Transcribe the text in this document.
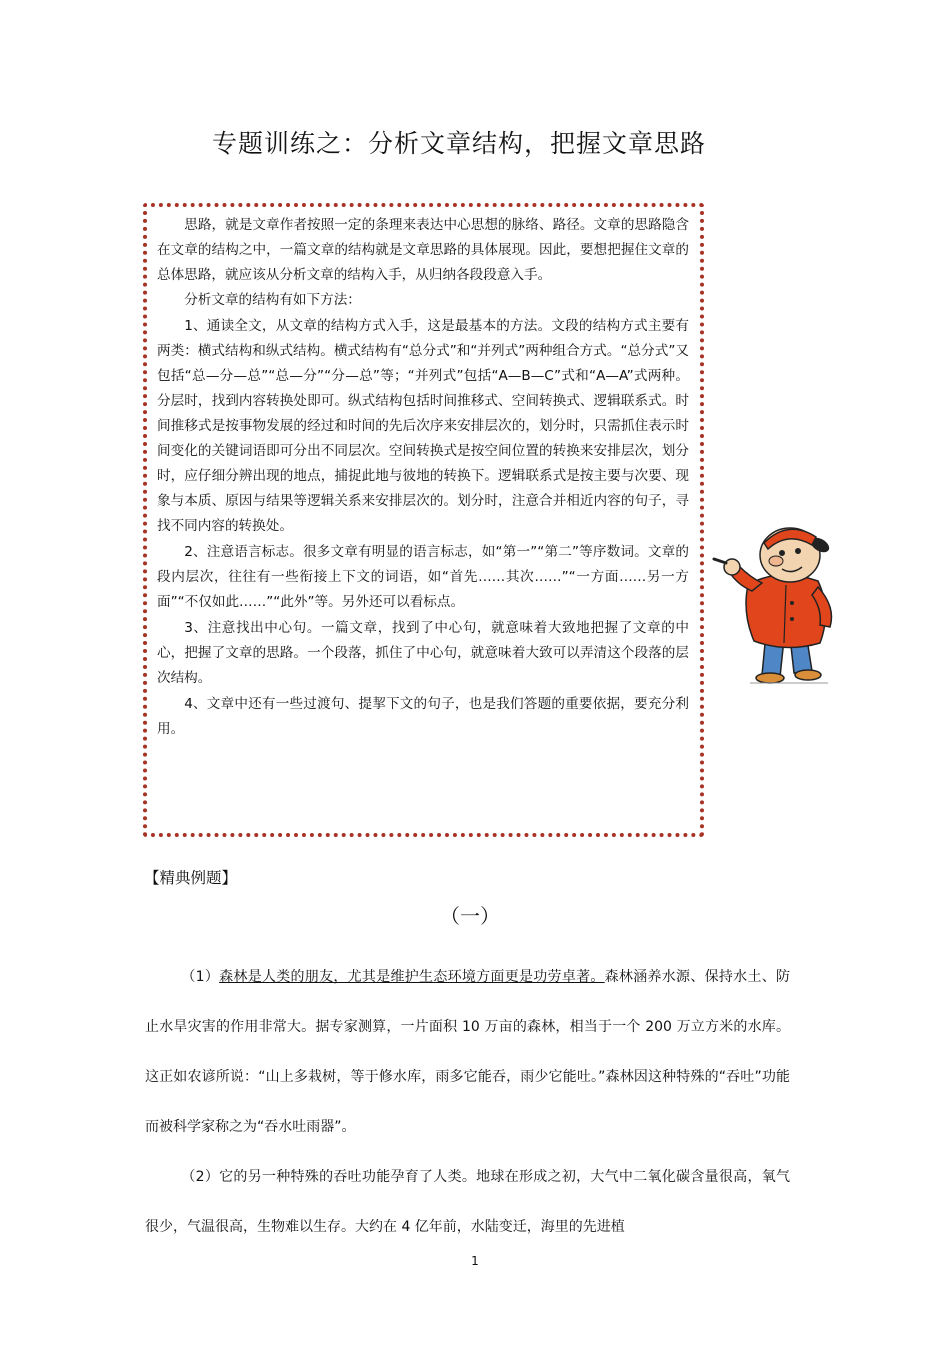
专题训练之：分析文章结构，把握文章思路

思路，就是文章作者按照一定的条理来表达中心思想的脉络、路径。文章的思路隐含在文章的结构之中，一篇文章的结构就是文章思路的具体展现。因此，要想把握住文章的总体思路，就应该从分析文章的结构入手，从归纳各段段意入手。

分析文章的结构有如下方法：

1、通读全文，从文章的结构方式入手，这是最基本的方法。文段的结构方式主要有两类：横式结构和纵式结构。横式结构有“总分式”和“并列式”两种组合方式。“总分式”又包括“总—分—总”“总—分”“分—总”等；“并列式”包括“A—B—C”式和“A—A”式两种。分层时，找到内容转换处即可。纵式结构包括时间推移式、空间转换式、逻辑联系式。时间推移式是按事物发展的经过和时间的先后次序来安排层次的，划分时，只需抓住表示时间变化的关键词语即可分出不同层次。空间转换式是按空间位置的转换来安排层次，划分时，应仔细分辨出现的地点，捕捉此地与彼地的转换下。逻辑联系式是按主要与次要、现象与本质、原因与结果等逻辑关系来安排层次的。划分时，注意合并相近内容的句子，寻找不同内容的转换处。

2、注意语言标志。很多文章有明显的语言标志，如“第一”“第二”等序数词。文章的段内层次，往往有一些衔接上下文的词语，如“首先……其次……”“一方面……另一方面”“不仅如此……”“此外”等。另外还可以看标点。

3、注意找出中心句。一篇文章，找到了中心句，就意味着大致地把握了文章的中心，把握了文章的思路。一个段落，抓住了中心句，就意味着大致可以弄清这个段落的层次结构。

4、文章中还有一些过渡句、提挈下文的句子，也是我们答题的重要依据，要充分利用。

【精典例题】
（一）

（1）森林是人类的朋友，尤其是维护生态环境方面更是功劳卓著。森林涵养水源、保持水土、防止水旱灾害的作用非常大。据专家测算，一片面积 10 万亩的森林，相当于一个 200 万立方米的水库。这正如农谚所说：“山上多栽树，等于修水库，雨多它能吞，雨少它能吐。”森林因这种特殊的“吞吐”功能而被科学家称之为“吞水吐雨器”。

（2）它的另一种特殊的吞吐功能孕育了人类。地球在形成之初，大气中二氧化碳含量很高，氧气很少，气温很高，生物难以生存。大约在 4 亿年前，水陆变迁，海里的先进植

1
